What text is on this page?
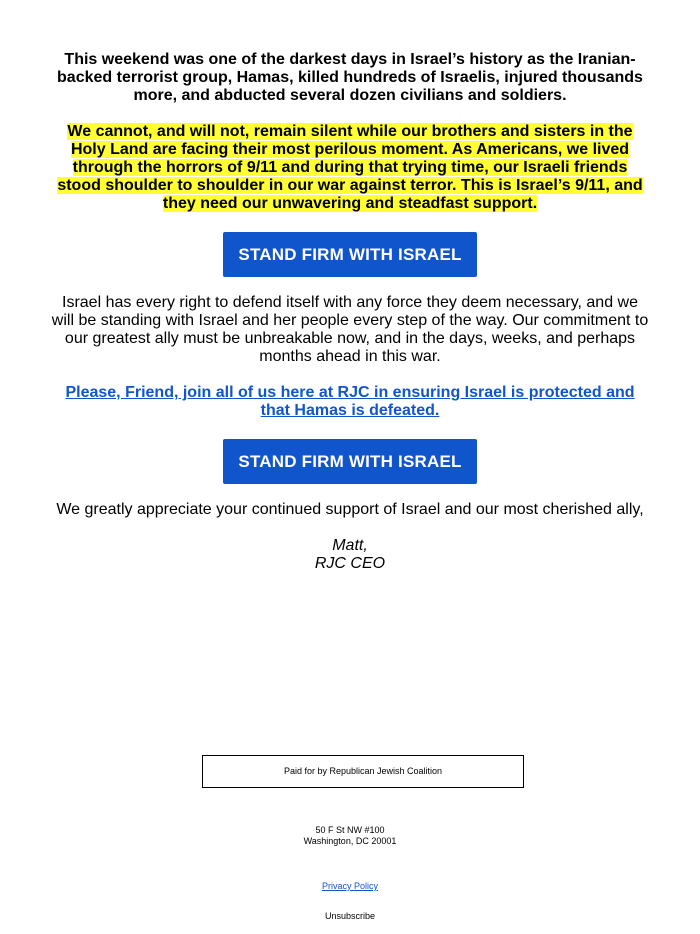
This weekend was one of the darkest days in Israel’s history as the Iranian-backed terrorist group, Hamas, killed hundreds of Israelis, injured thousands more, and abducted several dozen civilians and soldiers.
We cannot, and will not, remain silent while our brothers and sisters in the Holy Land are facing their most perilous moment. As Americans, we lived through the horrors of 9/11 and during that trying time, our Israeli friends stood shoulder to shoulder in our war against terror. This is Israel’s 9/11, and they need our unwavering and steadfast support.
STAND FIRM WITH ISRAEL
Israel has every right to defend itself with any force they deem necessary, and we will be standing with Israel and her people every step of the way. Our commitment to our greatest ally must be unbreakable now, and in the days, weeks, and perhaps months ahead in this war.
Please, Friend, join all of us here at RJC in ensuring Israel is protected and that Hamas is defeated.
STAND FIRM WITH ISRAEL
We greatly appreciate your continued support of Israel and our most cherished ally,
Matt,
RJC CEO
Paid for by Republican Jewish Coalition
50 F St NW #100
Washington, DC 20001
Privacy Policy
Unsubscribe
